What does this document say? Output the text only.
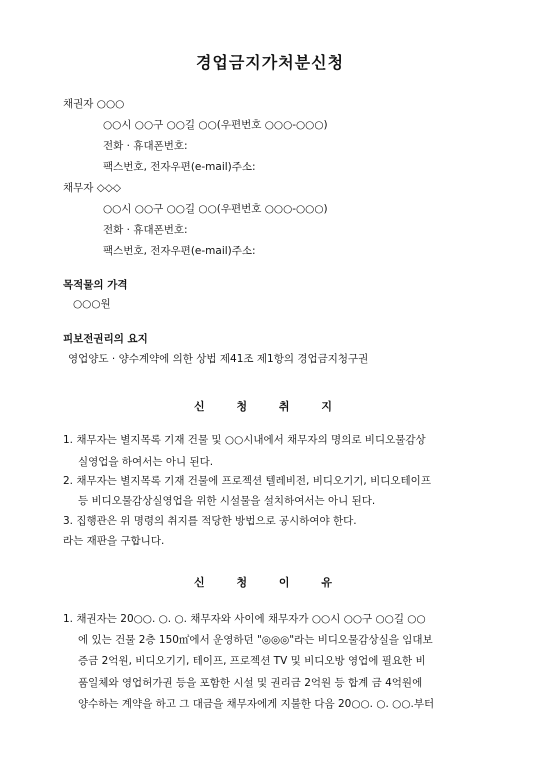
경업금지가처분신청
채권자 ○○○
○○시 ○○구 ○○길 ○○(우편번호 ○○○-○○○)
전화 · 휴대폰번호:
팩스번호, 전자우편(e-mail)주소:
채무자 ◇◇◇
○○시 ○○구 ○○길 ○○(우편번호 ○○○-○○○)
전화 · 휴대폰번호:
팩스번호, 전자우편(e-mail)주소:
목적물의 가격
○○○원
피보전권리의 요지
영업양도 · 양수계약에 의한 상법 제41조 제1항의 경업금지청구권
신 청 취 지
1. 채무자는 별지목록 기재 건물 및 ○○시내에서 채무자의 명의로 비디오물감상
실영업을 하여서는 아니 된다.
2. 채무자는 별지목록 기재 건물에 프로젝션 텔레비전, 비디오기기, 비디오테이프
등 비디오물감상실영업을 위한 시설물을 설치하여서는 아니 된다.
3. 집행관은 위 명령의 취지를 적당한 방법으로 공시하여야 한다.
라는 재판을 구합니다.
신 청 이 유
1. 채권자는 20○○. ○. ○. 채무자와 사이에 채무자가 ○○시 ○○구 ○○길 ○○
에 있는 건물 2층 150㎡에서 운영하던 "◎◎◎"라는 비디오물감상실을 임대보
증금 2억원, 비디오기기, 테이프, 프로젝션 TV 및 비디오방 영업에 필요한 비
품일체와 영업허가권 등을 포함한 시설 및 권리금 2억원 등 합계 금 4억원에
양수하는 계약을 하고 그 대금을 채무자에게 지불한 다음 20○○. ○. ○○.부터
